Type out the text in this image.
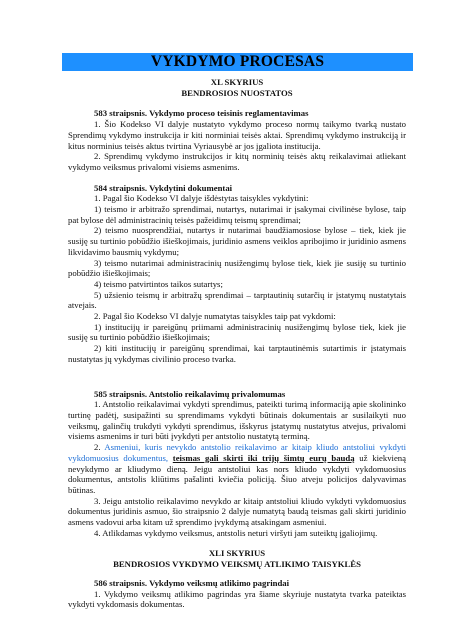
VYKDYMO PROCESAS
XL SKYRIUS
BENDROSIOS NUOSTATOS

583 straipsnis. Vykdymo proceso teisinis reglamentavimas

1. Šio Kodekso VI dalyje nustatyto vykdymo proceso normų taikymo tvarką nustato Sprendimų vykdymo instrukcija ir kiti norminiai teisės aktai. Sprendimų vykdymo instrukciją ir kitus norminius teisės aktus tvirtina Vyriausybė ar jos įgaliota institucija.

2. Sprendimų vykdymo instrukcijos ir kitų norminių teisės aktų reikalavimai atliekant vykdymo veiksmus privalomi visiems asmenims.

584 straipsnis. Vykdytini dokumentai

1. Pagal šio Kodekso VI dalyje išdėstytas taisykles vykdytini:

1) teismo ir arbitražo sprendimai, nutartys, nutarimai ir įsakymai civilinėse bylose, taip pat bylose dėl administracinių teisės pažeidimų teismų sprendimai;

2) teismo nuosprendžiai, nutartys ir nutarimai baudžiamosiose bylose – tiek, kiek jie susiję su turtinio pobūdžio išieškojimais, juridinio asmens veiklos apribojimo ir juridinio asmens likvidavimo bausmių vykdymu;

3) teismo nutarimai administracinių nusižengimų bylose tiek, kiek jie susiję su turtinio pobūdžio išieškojimais;

4) teismo patvirtintos taikos sutartys;

5) užsienio teismų ir arbitražų sprendimai – tarptautinių sutarčių ir įstatymų nustatytais atvejais.

2. Pagal šio Kodekso VI dalyje numatytas taisykles taip pat vykdomi:

1) institucijų ir pareigūnų priimami administracinių nusižengimų bylose tiek, kiek jie susiję su turtinio pobūdžio išieškojimais;

2) kiti institucijų ir pareigūnų sprendimai, kai tarptautinėmis sutartimis ir įstatymais nustatytas jų vykdymas civilinio proceso tvarka.

585 straipsnis. Antstolio reikalavimų privalomumas

1. Antstolio reikalavimai vykdyti sprendimus, pateikti turimą informaciją apie skolininko turtinę padėtį, susipažinti su sprendimams vykdyti būtinais dokumentais ar susilaikyti nuo veiksmų, galinčių trukdyti vykdyti sprendimus, išskyrus įstatymų nustatytus atvejus, privalomi visiems asmenims ir turi būti įvykdyti per antstolio nustatytą terminą.

2. Asmeniui, kuris nevykdo antstolio reikalavimo ar kitaip kliudo antstoliui vykdyti vykdomuosius dokumentus, teismas gali skirti iki trijų šimtų eurų baudą už kiekvieną nevykdymo ar kliudymo dieną. Jeigu antstoliui kas nors kliudo vykdyti vykdomuosius dokumentus, antstolis kliūtims pašalinti kviečia policiją. Šiuo atveju policijos dalyvavimas būtinas.

3. Jeigu antstolio reikalavimo nevykdo ar kitaip antstoliui kliudo vykdyti vykdomuosius dokumentus juridinis asmuo, šio straipsnio 2 dalyje numatytą baudą teismas gali skirti juridinio asmens vadovui arba kitam už sprendimo įvykdymą atsakingam asmeniui.

4. Atlikdamas vykdymo veiksmus, antstolis neturi viršyti jam suteiktų įgaliojimų.

XLI SKYRIUS
BENDROSIOS VYKDYMO VEIKSMŲ ATLIKIMO TAISYKLĖS

586 straipsnis. Vykdymo veiksmų atlikimo pagrindai

1. Vykdymo veiksmų atlikimo pagrindas yra šiame skyriuje nustatyta tvarka pateiktas vykdyti vykdomasis dokumentas.
